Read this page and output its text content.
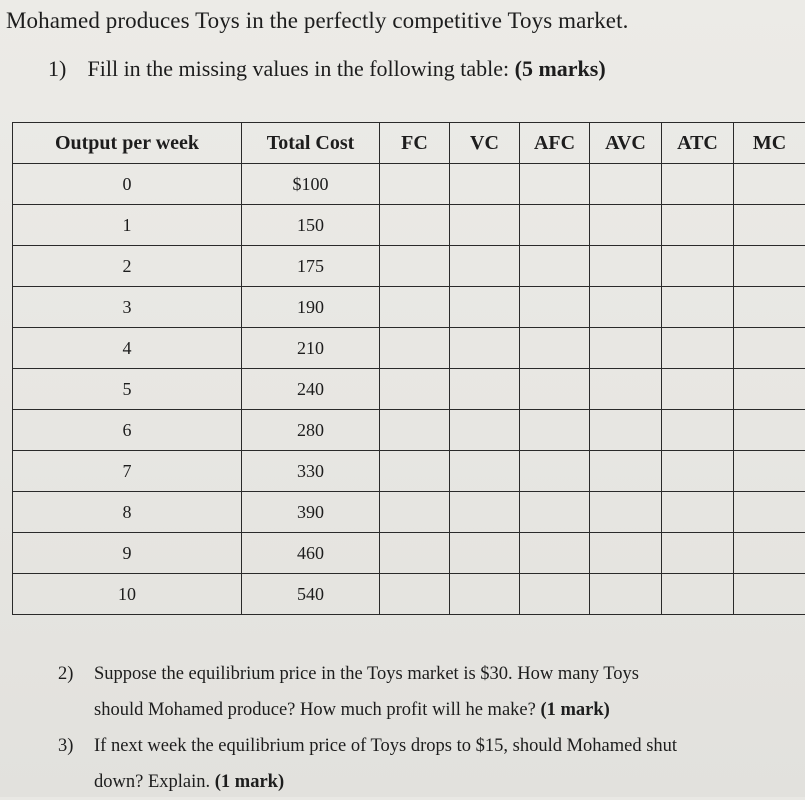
Mohamed produces Toys in the perfectly competitive Toys market.
1) Fill in the missing values in the following table: (5 marks)
Output per week	Total Cost	FC	VC	AFC	AVC	ATC	MC
0	$100						
1	150						
2	175						
3	190						
4	210						
5	240						
6	280						
7	330						
8	390						
9	460						
10	540						
2)	Suppose the equilibrium price in the Toys market is $30. How many Toys
should Mohamed produce? How much profit will he make? (1 mark)
3)	If next week the equilibrium price of Toys drops to $15, should Mohamed shut
down? Explain. (1 mark)
